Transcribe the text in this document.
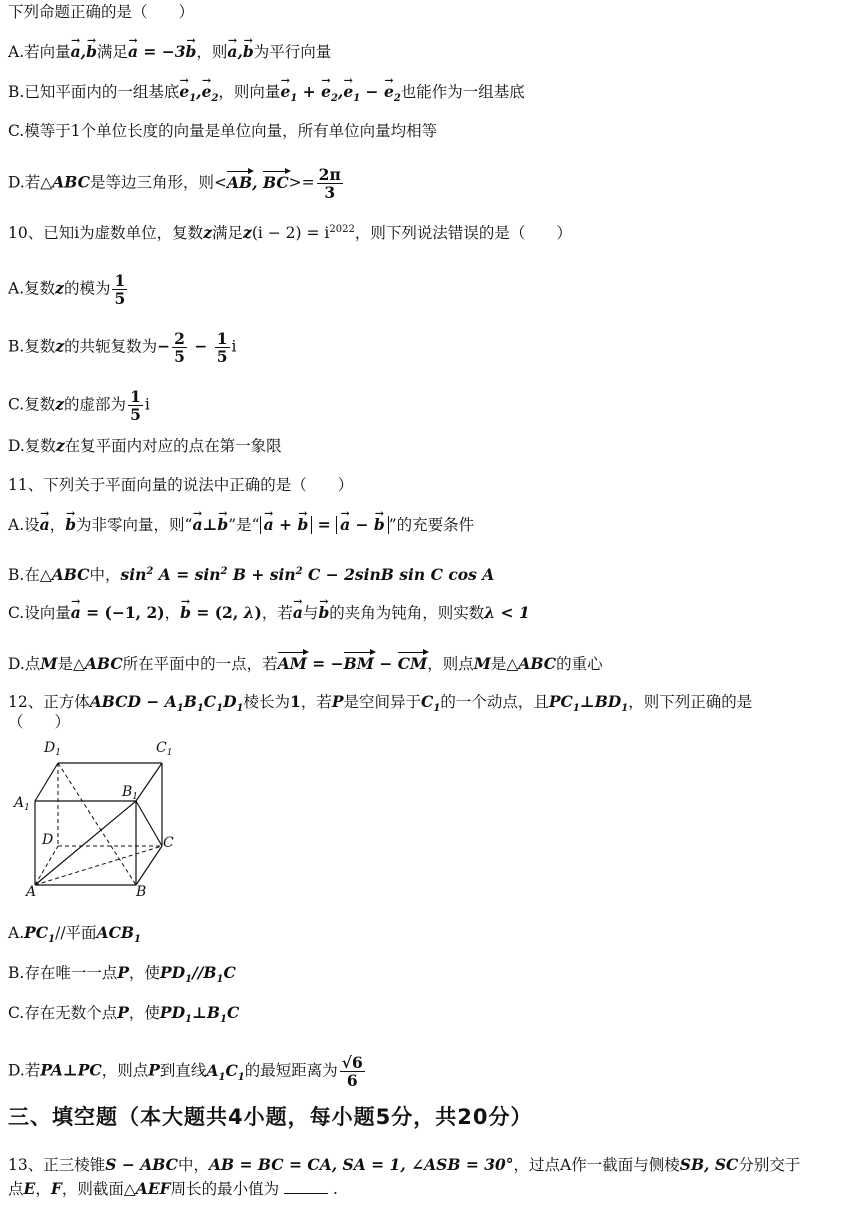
下列命题正确的是（　　）
A.若向量→ a,→ b满足→ a = −3→ b，则→ a,→ b为平行向量
B.已知平面内的一组基底→ $e_1,\to e_2$，则向量→ $e_1$ + → $e_2,\to e_1$ − → $e_2$也能作为一组基底
C.模等于1个单位长度的向量是单位向量，所有单位向量均相等
D.若△ABC是等边三角形，则<AB, $BC>= \frac{2\pi}{3}$
10、已知i为虚数单位，复数z满足$z(i - 2) = i^{2022}$，则下列说法错误的是（　　）
A.复数z的模为 $\frac{1}{5}$
B.复数z的共轭复数为− $\frac{2}{5} - \frac{1}{5}$ i
C.复数z的虚部为 $\frac{1}{5}$ i
D.复数z在复平面内对应的点在第一象限
11、下列关于平面向量的说法中正确的是（　　）
A.设→ a，→ b为非零向量，则“→ a⊥→ b”是“→ a + → b = → a − → b ”的充要条件
B.在△ABC中，$\sin^2 A = \sin^2 B + \sin^2 C - 2\sin B$ sin C cos A
C.设向量→ a = (−1, 2)，→ b = (2, λ)，若→ a与→ b的夹角为钝角，则实数λ < 1
D.点M是△ABC所在平面中的一点，若AM = −BM − CM，则点M是△ABC的重心
12、正方体ABCD − $A_1B_1C_1D_1$棱长为1，若P是空间异于$C_1$的一个动点，且$PC_1\perp BD_1$，则下列正确的是
（　　）
$D_1$	$C_1$
$A_1$
$B_1$
D	C
A	B
$A.PC_1//$平面$ACB_1$
B.存在唯一一点P，使$PD_1//B_1C$
C.存在无数个点P，使$PD_1\perp B_1C$
D.若PA⊥PC，则点P到直线$A_1C_1$的最短距离为 $\frac{√6}{6}$
三、填空题（本大题共4小题，每小题5分，共20分）
13、正三棱锥S − ABC中，AB = BC = CA, SA = 1, ∠ASB = 30°，过点A作一截面与侧棱SB, SC分别交于
点E，F，则截面△AEF周长的最小值为	.
